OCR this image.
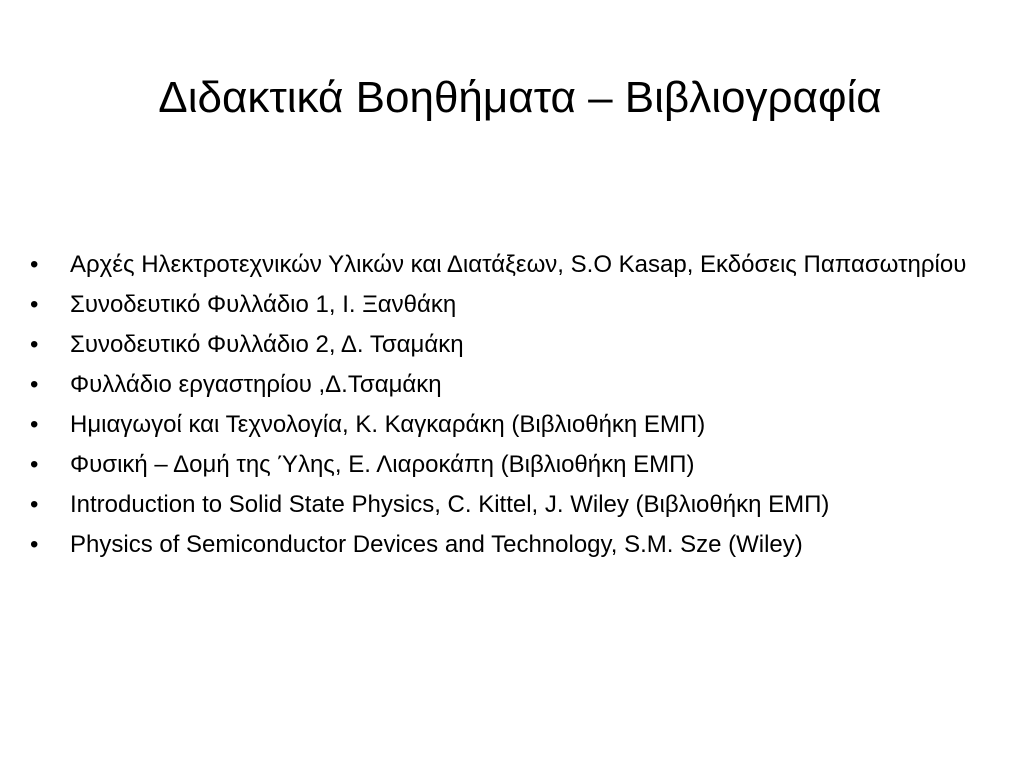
Διδακτικά Βοηθήματα – Βιβλιογραφία
•	Αρχές Ηλεκτροτεχνικών Υλικών και Διατάξεων, S.O Kasap, Εκδόσεις Παπασωτηρίου
•	Συνοδευτικό Φυλλάδιο 1, Ι. Ξανθάκη
•	Συνοδευτικό Φυλλάδιο 2, Δ. Τσαμάκη
•	Φυλλάδιο εργαστηρίου ,Δ.Τσαμάκη
•	Ημιαγωγοί και Τεχνολογία, Κ. Καγκαράκη (Βιβλιοθήκη ΕΜΠ)
•	Φυσική – Δομή της Ύλης, Ε. Λιαροκάπη (Βιβλιοθήκη ΕΜΠ)
•	Introduction to Solid State Physics, C. Kittel, J. Wiley (Βιβλιοθήκη ΕΜΠ)
•	Physics of Semiconductor Devices and Technology, S.M. Sze (Wiley)
